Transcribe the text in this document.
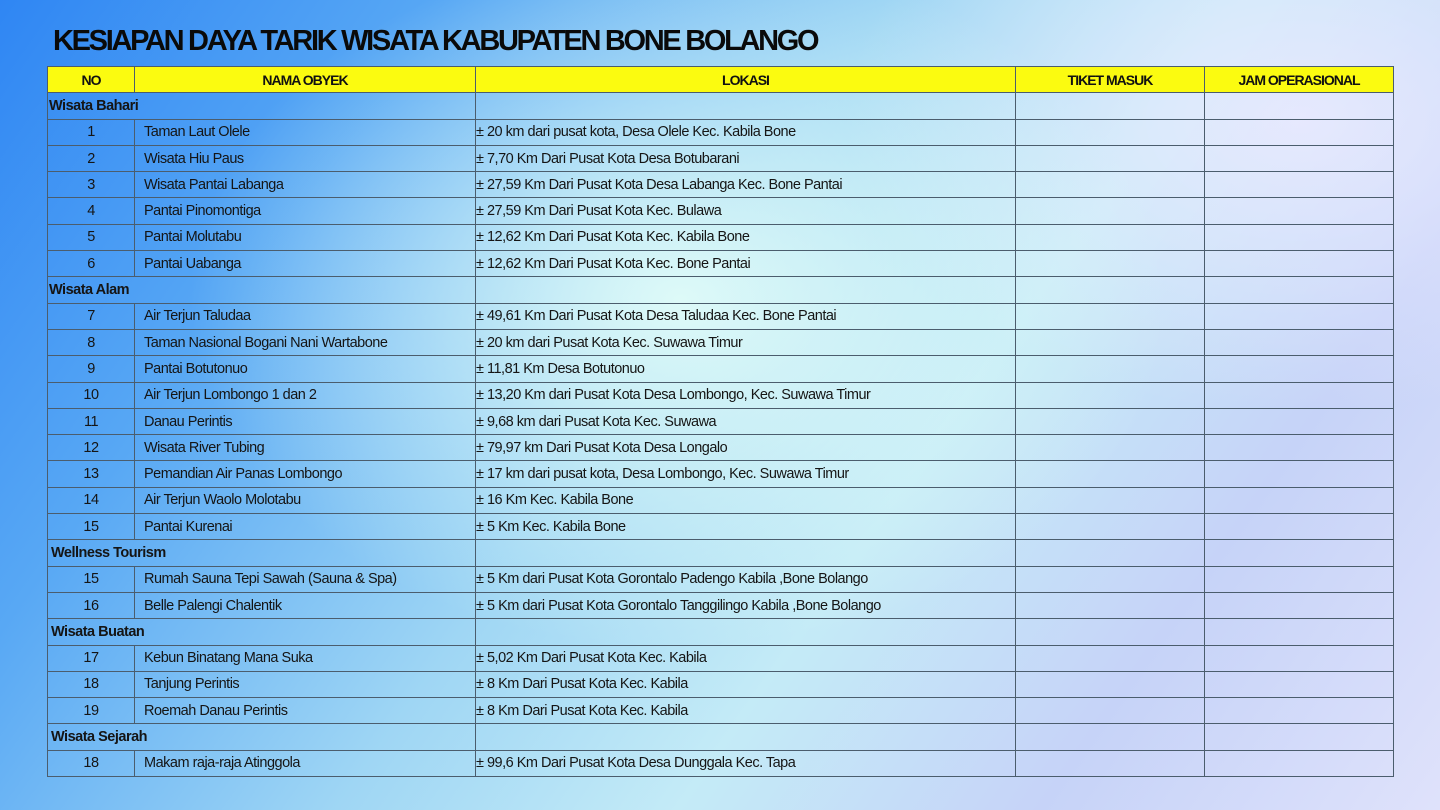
KESIAPAN DAYA TARIK WISATA KABUPATEN BONE BOLANGO
NO	NAMA OBYEK	LOKASI	TIKET MASUK	JAM OPERASIONAL
Wisata Bahari				
1	Taman Laut Olele	± 20 km dari pusat kota, Desa Olele Kec. Kabila Bone		
2	Wisata Hiu Paus	± 7,70 Km Dari Pusat Kota Desa Botubarani		
3	Wisata Pantai Labanga	± 27,59 Km Dari Pusat Kota Desa Labanga Kec. Bone Pantai		
4	Pantai Pinomontiga	± 27,59 Km Dari Pusat Kota Kec. Bulawa		
5	Pantai Molutabu	± 12,62 Km Dari Pusat Kota Kec. Kabila Bone		
6	Pantai Uabanga	± 12,62 Km Dari Pusat Kota Kec. Bone Pantai		
Wisata Alam				
7	Air Terjun Taludaa	± 49,61 Km Dari Pusat Kota Desa Taludaa Kec. Bone Pantai		
8	Taman Nasional Bogani Nani Wartabone	± 20 km dari Pusat Kota Kec. Suwawa Timur		
9	Pantai Botutonuo	± 11,81 Km Desa Botutonuo		
10	Air Terjun Lombongo 1 dan 2	± 13,20 Km dari Pusat Kota Desa Lombongo, Kec. Suwawa Timur		
11	Danau Perintis	± 9,68 km dari Pusat Kota Kec. Suwawa		
12	Wisata River Tubing	± 79,97 km Dari Pusat Kota Desa Longalo		
13	Pemandian Air Panas Lombongo	± 17 km dari pusat kota, Desa Lombongo, Kec. Suwawa Timur		
14	Air Terjun Waolo Molotabu	± 16 Km Kec. Kabila Bone		
15	Pantai Kurenai	± 5 Km Kec. Kabila Bone		
Wellness Tourism				
15	Rumah Sauna Tepi Sawah (Sauna & Spa)	± 5 Km dari Pusat Kota Gorontalo Padengo Kabila ,Bone Bolango		
16	Belle Palengi Chalentik	± 5 Km dari Pusat Kota Gorontalo Tanggilingo Kabila ,Bone Bolango		
Wisata Buatan				
17	Kebun Binatang Mana Suka	± 5,02 Km Dari Pusat Kota Kec. Kabila		
18	Tanjung Perintis	± 8 Km Dari Pusat Kota Kec. Kabila		
19	Roemah Danau Perintis	± 8 Km Dari Pusat Kota Kec. Kabila		
Wisata Sejarah				
18	Makam raja-raja Atinggola	± 99,6 Km Dari Pusat Kota Desa Dunggala Kec. Tapa		
